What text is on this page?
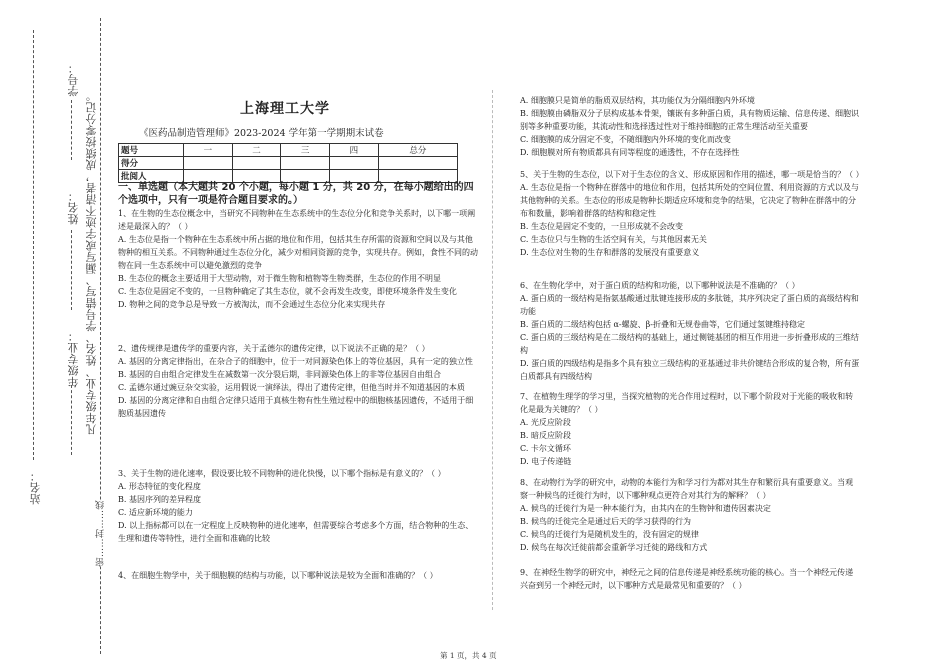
学号：
姓名：
年级专业：
站名：
凡年级专业、姓名、学号错写、漏写或字迹不清者，成绩按零分记。
密……封……线
上海理工大学
《医药品制造管理师》2023-2024 学年第一学期期末试卷
题号	一	二	三	四	总分
得分					
批阅人					
一、单选题（本大题共 20 个小题，每小题 1 分，共 20 分，在每小题给出的四个选项中，只有一项是符合题目要求的。）

1、在生物的生态位概念中，当研究不同物种在生态系统中的生态位分化和竞争关系时，以下哪一项阐述是最深入的？（ ）

A. 生态位是指一个物种在生态系统中所占据的地位和作用，包括其生存所需的资源和空间以及与其他物种的相互关系。不同物种通过生态位分化，减少对相同资源的竞争，实现共存。例如，食性不同的动物在同一生态系统中可以避免激烈的竞争

B. 生态位的概念主要适用于大型动物，对于微生物和植物等生物类群，生态位的作用不明显

C. 生态位是固定不变的，一旦物种确定了其生态位，就不会再发生改变，即使环境条件发生变化

D. 物种之间的竞争总是导致一方被淘汰，而不会通过生态位分化来实现共存

2、遗传规律是遗传学的重要内容，关于孟德尔的遗传定律，以下说法不正确的是？（ ）

A. 基因的分离定律指出，在杂合子的细胞中，位于一对同源染色体上的等位基因，具有一定的独立性

B. 基因的自由组合定律发生在减数第一次分裂后期，非同源染色体上的非等位基因自由组合

C. 孟德尔通过豌豆杂交实验，运用假说一演绎法，得出了遗传定律，但他当时并不知道基因的本质

D. 基因的分离定律和自由组合定律只适用于真核生物有性生殖过程中的细胞核基因遗传，不适用于细胞质基因遗传

3、关于生物的进化速率，假设要比较不同物种的进化快慢，以下哪个指标是有意义的？（ ）

A. 形态特征的变化程度

B. 基因序列的差异程度

C. 适应新环境的能力

D. 以上指标都可以在一定程度上反映物种的进化速率，但需要综合考虑多个方面，结合物种的生态、生理和遗传等特性，进行全面和准确的比较

4、在细胞生物学中，关于细胞膜的结构与功能，以下哪种说法是较为全面和准确的？（ ）

A. 细胞膜只是简单的脂质双层结构，其功能仅为分隔细胞内外环境

B. 细胞膜由磷脂双分子层构成基本骨架，镶嵌有多种蛋白质，具有物质运输、信息传递、细胞识别等多种重要功能，其流动性和选择透过性对于维持细胞的正常生理活动至关重要

C. 细胞膜的成分固定不变，不随细胞内外环境的变化而改变

D. 细胞膜对所有物质都具有同等程度的通透性，不存在选择性

5、关于生物的生态位，以下对于生态位的含义、形成原因和作用的描述，哪一项是恰当的？（ ）

A. 生态位是指一个物种在群落中的地位和作用，包括其所处的空间位置、利用资源的方式以及与其他物种的关系。生态位的形成是物种长期适应环境和竞争的结果，它决定了物种在群落中的分布和数量，影响着群落的结构和稳定性

B. 生态位是固定不变的，一旦形成就不会改变

C. 生态位只与生物的生活空间有关，与其他因素无关

D. 生态位对生物的生存和群落的发展没有重要意义

6、在生物化学中，对于蛋白质的结构和功能，以下哪种说法是不准确的？（ ）

A. 蛋白质的一级结构是指氨基酸通过肽键连接形成的多肽链，其序列决定了蛋白质的高级结构和功能

B. 蛋白质的二级结构包括 α-螺旋、β-折叠和无规卷曲等，它们通过氢键维持稳定

C. 蛋白质的三级结构是在二级结构的基础上，通过侧链基团的相互作用进一步折叠形成的三维结构

D. 蛋白质的四级结构是指多个具有独立三级结构的亚基通过非共价键结合形成的复合物，所有蛋白质都具有四级结构

7、在植物生理学的学习里，当探究植物的光合作用过程时，以下哪个阶段对于光能的吸收和转化是最为关键的？（ ）

A. 光反应阶段

B. 暗反应阶段

C. 卡尔文循环

D. 电子传递链

8、在动物行为学的研究中，动物的本能行为和学习行为都对其生存和繁衍具有重要意义。当观察一种候鸟的迁徙行为时，以下哪种观点更符合对其行为的解释？（ ）

A. 候鸟的迁徙行为是一种本能行为，由其内在的生物钟和遗传因素决定

B. 候鸟的迁徙完全是通过后天的学习获得的行为

C. 候鸟的迁徙行为是随机发生的，没有固定的规律

D. 候鸟在每次迁徙前都会重新学习迁徙的路线和方式

9、在神经生物学的研究中，神经元之间的信息传递是神经系统功能的核心。当一个神经元传递兴奋到另一个神经元时，以下哪种方式是最常见和重要的？（ ）

第 1 页，共 4 页
